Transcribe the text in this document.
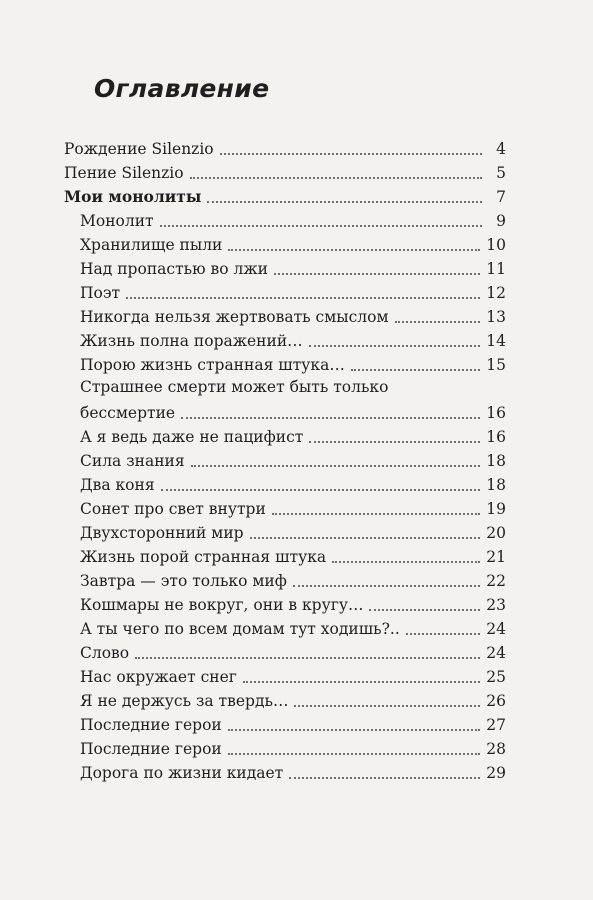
Оглавление
Рождение Silenzio	4
Пение Silenzio	5
Мои монолиты	7
Монолит	9
Хранилище пыли	10
Над пропастью во лжи	11
Поэт	12
Никогда нельзя жертвовать смыслом	13
Жизнь полна поражений…	14
Порою жизнь странная штука…	15
Страшнее смерти может быть только
бессмертие	16
А я ведь даже не пацифист	16
Сила знания	18
Два коня	18
Сонет про свет внутри	19
Двухсторонний мир	20
Жизнь порой странная штука	21
Завтра — это только миф	22
Кошмары не вокруг, они в кругу…	23
А ты чего по всем домам тут ходишь?..	24
Слово	24
Нас окружает снег	25
Я не держусь за твердь…	26
Последние герои	27
Последние герои	28
Дорога по жизни кидает	29
